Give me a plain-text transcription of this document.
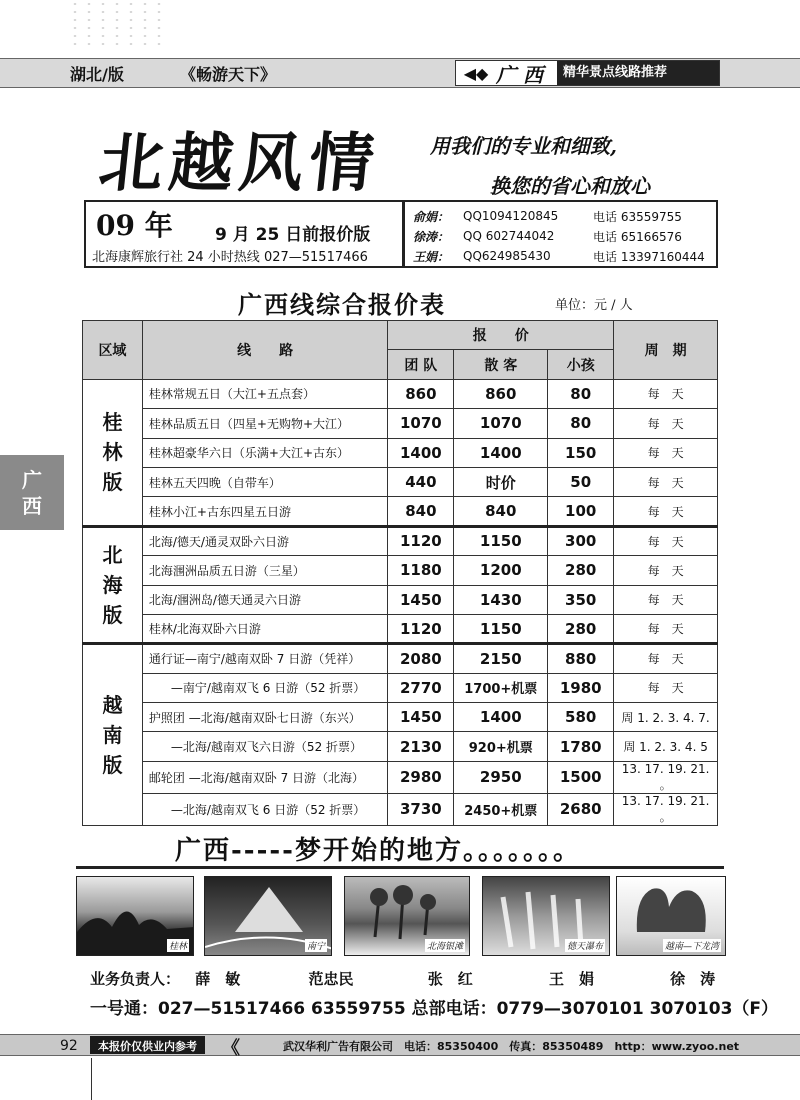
湖北/版	《畅游天下》	◀◆ 广 西	精华景点线路推荐
北越风情 用我们的专业和细致,
换您的省心和放心
09 年 9 月 25 日前报价版
北海康辉旅行社 24 小时热线 027—51517466
俞娟：	QQ1094120845	电话 63559755
徐涛：	QQ 602744042	电话 65166576
王娟：	QQ624985430	电话 13397160444
广西线综合报价表	单位：元 / 人
区域	线　　路	报　　价			周　期
		团 队	散 客	小孩	
桂
林
版	桂林常规五日（大江+五点套）	860	860	80	每　天
	桂林品质五日（四星+无购物+大江）	1070	1070	80	每　天
	桂林超豪华六日（乐满+大江+古东）	1400	1400	150	每　天
	桂林五天四晚（自带车）	440	时价	50	每　天
	桂林小江+古东四星五日游	840	840	100	每　天
北
海
版	北海/德天/通灵双卧六日游	1120	1150	300	每　天
	北海涠洲品质五日游（三星）	1180	1200	280	每　天
	北海/涠洲岛/德天通灵六日游	1450	1430	350	每　天
	桂林/北海双卧六日游	1120	1150	280	每　天
越
南
版	通行证—南宁/越南双卧 7 日游（凭祥）	2080	2150	880	每　天
	—南宁/越南双飞 6 日游（52 折票）	2770	1700+机票	1980	每　天
	护照团 —北海/越南双卧七日游（东兴）	1450	1400	580	周 1. 2. 3. 4. 7.
	—北海/越南双飞六日游（52 折票）	2130	920+机票	1780	周 1. 2. 3. 4. 5
	邮轮团 —北海/越南双卧 7 日游（北海）	2980	2950	1500	13. 17. 19. 21. 。
	—北海/越南双飞 6 日游（52 折票）	3730	2450+机票	2680	13. 17. 19. 21. 。
广
西
广西-----梦开始的地方。。。。。。。
桂林	南宁	北海银滩	德天瀑布	越南—下龙湾
业务负责人： 薛　敏	范忠民	张　红	王　娟	徐　涛
一号通：027—51517466 63559755 总部电话：0779—3070101 3070103（F）
92	本报价仅供业内参考	《	武汉华利广告有限公司　电话：85350400　传真：85350489　http：www.zyoo.net
